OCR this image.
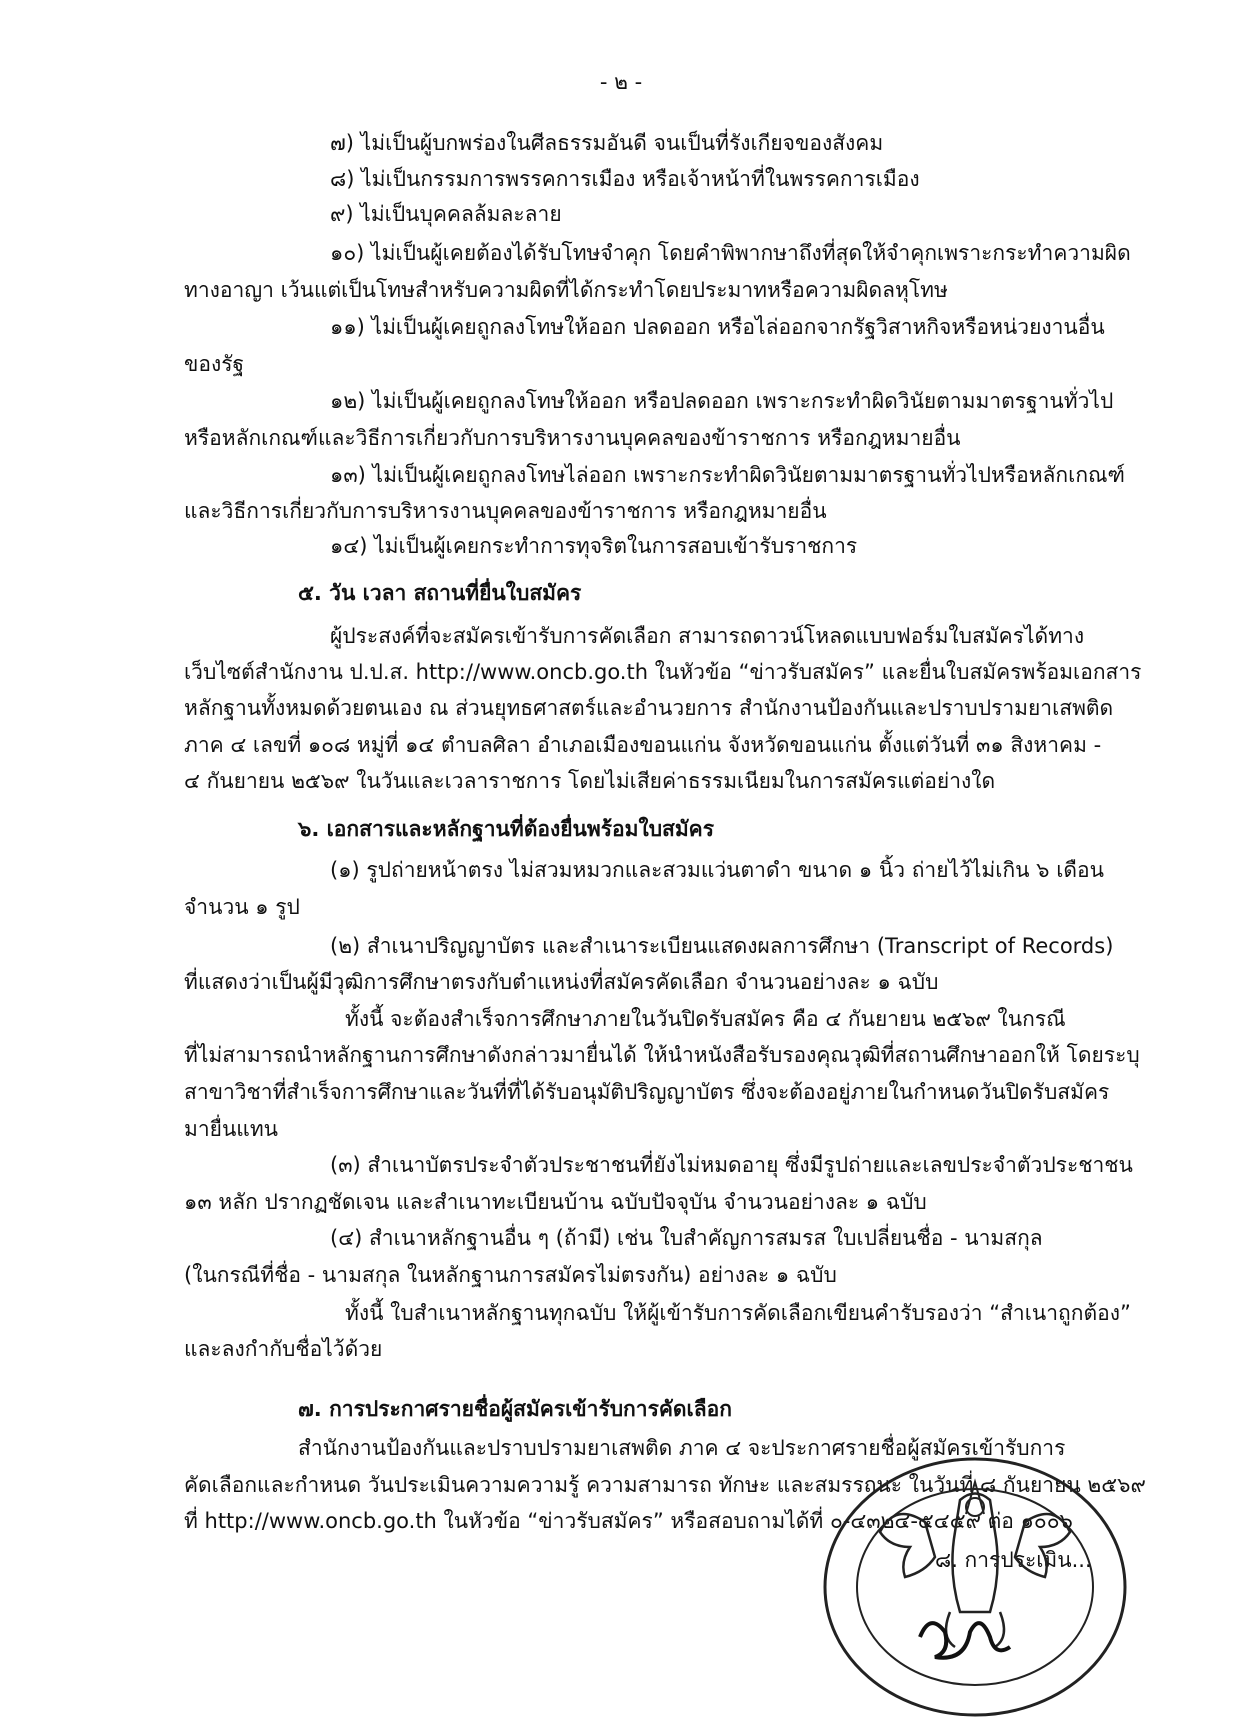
- ๒ -
๗) ไม่เป็นผู้บกพร่องในศีลธรรมอันดี จนเป็นที่รังเกียจของสังคม
๘) ไม่เป็นกรรมการพรรคการเมือง หรือเจ้าหน้าที่ในพรรคการเมือง
๙) ไม่เป็นบุคคลล้มละลาย
๑๐) ไม่เป็นผู้เคยต้องได้รับโทษจำคุก โดยคำพิพากษาถึงที่สุดให้จำคุกเพราะกระทำความผิด
ทางอาญา เว้นแต่เป็นโทษสำหรับความผิดที่ได้กระทำโดยประมาทหรือความผิดลหุโทษ
๑๑) ไม่เป็นผู้เคยถูกลงโทษให้ออก ปลดออก หรือไล่ออกจากรัฐวิสาหกิจหรือหน่วยงานอื่น
ของรัฐ
๑๒) ไม่เป็นผู้เคยถูกลงโทษให้ออก หรือปลดออก เพราะกระทำผิดวินัยตามมาตรฐานทั่วไป
หรือหลักเกณฑ์และวิธีการเกี่ยวกับการบริหารงานบุคคลของข้าราชการ หรือกฎหมายอื่น
๑๓) ไม่เป็นผู้เคยถูกลงโทษไล่ออก เพราะกระทำผิดวินัยตามมาตรฐานทั่วไปหรือหลักเกณฑ์
และวิธีการเกี่ยวกับการบริหารงานบุคคลของข้าราชการ หรือกฎหมายอื่น
๑๔) ไม่เป็นผู้เคยกระทำการทุจริตในการสอบเข้ารับราชการ
๕. วัน เวลา สถานที่ยื่นใบสมัคร
ผู้ประสงค์ที่จะสมัครเข้ารับการคัดเลือก สามารถดาวน์โหลดแบบฟอร์มใบสมัครได้ทาง
เว็บไซต์สำนักงาน ป.ป.ส. http://www.oncb.go.th ในหัวข้อ “ข่าวรับสมัคร” และยื่นใบสมัครพร้อมเอกสาร
หลักฐานทั้งหมดด้วยตนเอง ณ ส่วนยุทธศาสตร์และอำนวยการ สำนักงานป้องกันและปราบปรามยาเสพติด
ภาค ๔ เลขที่ ๑๐๘ หมู่ที่ ๑๔ ตำบลศิลา อำเภอเมืองขอนแก่น จังหวัดขอนแก่น ตั้งแต่วันที่ ๓๑ สิงหาคม -
๔ กันยายน ๒๕๖๙ ในวันและเวลาราชการ โดยไม่เสียค่าธรรมเนียมในการสมัครแต่อย่างใด
๖. เอกสารและหลักฐานที่ต้องยื่นพร้อมใบสมัคร
(๑) รูปถ่ายหน้าตรง ไม่สวมหมวกและสวมแว่นตาดำ ขนาด ๑ นิ้ว ถ่ายไว้ไม่เกิน ๖ เดือน
จำนวน ๑ รูป
(๒) สำเนาปริญญาบัตร และสำเนาระเบียนแสดงผลการศึกษา (Transcript of Records)
ที่แสดงว่าเป็นผู้มีวุฒิการศึกษาตรงกับตำแหน่งที่สมัครคัดเลือก จำนวนอย่างละ ๑ ฉบับ
ทั้งนี้ จะต้องสำเร็จการศึกษาภายในวันปิดรับสมัคร คือ ๔ กันยายน ๒๕๖๙ ในกรณี
ที่ไม่สามารถนำหลักฐานการศึกษาดังกล่าวมายื่นได้ ให้นำหนังสือรับรองคุณวุฒิที่สถานศึกษาออกให้ โดยระบุ
สาขาวิชาที่สำเร็จการศึกษาและวันที่ที่ได้รับอนุมัติปริญญาบัตร ซึ่งจะต้องอยู่ภายในกำหนดวันปิดรับสมัคร
มายื่นแทน
(๓) สำเนาบัตรประจำตัวประชาชนที่ยังไม่หมดอายุ ซึ่งมีรูปถ่ายและเลขประจำตัวประชาชน
๑๓ หลัก ปรากฏชัดเจน และสำเนาทะเบียนบ้าน ฉบับปัจจุบัน จำนวนอย่างละ ๑ ฉบับ
(๔) สำเนาหลักฐานอื่น ๆ (ถ้ามี) เช่น ใบสำคัญการสมรส ใบเปลี่ยนชื่อ - นามสกุล
(ในกรณีที่ชื่อ - นามสกุล ในหลักฐานการสมัครไม่ตรงกัน) อย่างละ ๑ ฉบับ
ทั้งนี้ ใบสำเนาหลักฐานทุกฉบับ ให้ผู้เข้ารับการคัดเลือกเขียนคำรับรองว่า “สำเนาถูกต้อง”
และลงกำกับชื่อไว้ด้วย
๗. การประกาศรายชื่อผู้สมัครเข้ารับการคัดเลือก
สำนักงานป้องกันและปราบปรามยาเสพติด ภาค ๔ จะประกาศรายชื่อผู้สมัครเข้ารับการ
คัดเลือกและกำหนด วันประเมินความความรู้ ความสามารถ ทักษะ และสมรรถนะ ในวันที่ ๘ กันยายน ๒๕๖๙
ที่ http://www.oncb.go.th ในหัวข้อ “ข่าวรับสมัคร” หรือสอบถามได้ที่ ๐-๔๓๒๔-๕๔๕๙ ต่อ ๑๐๐๖
๘. การประเมิน...
